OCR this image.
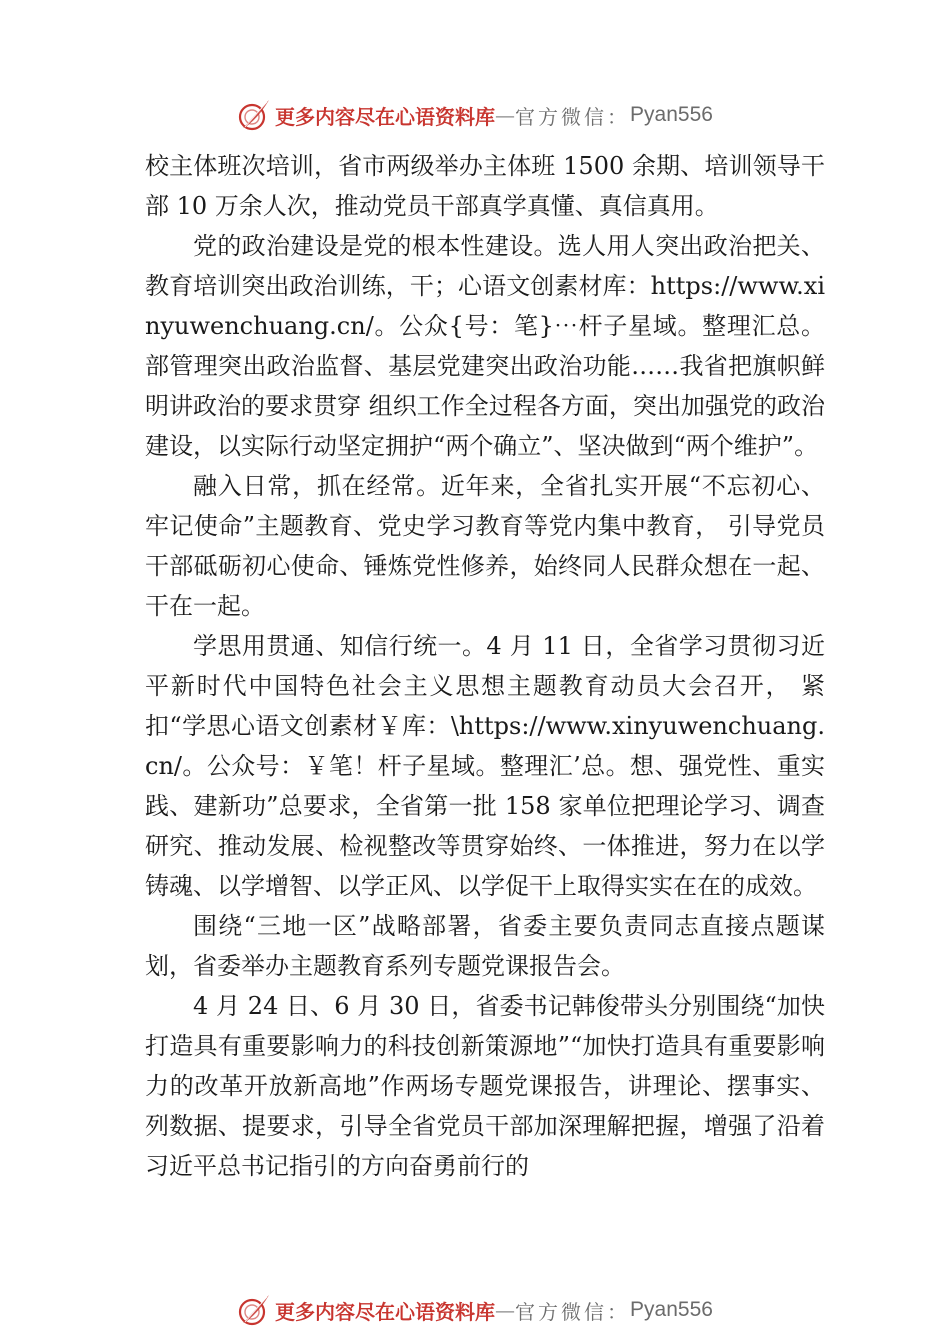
更多内容尽在心语资料库 — 官方微信： Pyan556

校主体班次培训，省市两级举办主体班 1500 余期、培训领导干部 10 万余人次，推动党员干部真学真懂、真信真用。

党的政治建设是党的根本性建设。选人用人突出政治把关、教育培训突出政治训练，干；心语文创素材库：https://www.xinyuwenchuang.cn/。公众{号：笔}⋯杆子星域。整理汇总。部管理突出政治监督、基层党建突出政治功能……我省把旗帜鲜明讲政治的要求贯穿 组织工作全过程各方面，突出加强党的政治建设，以实际行动坚定拥护“两个确立”、坚决做到“两个维护”。

融入日常，抓在经常。近年来，全省扎实开展“不忘初心、牢记使命”主题教育、党史学习教育等党内集中教育， 引导党员干部砥砺初心使命、锤炼党性修养，始终同人民群众想在一起、干在一起。

学思用贯通、知信行统一。4 月 11 日，全省学习贯彻习近平新时代中国特色社会主义思想主题教育动员大会召开， 紧扣“学思心语文创素材￥库：\https://www.xinyuwenchuang.cn/。公众号：￥笔！杆子星域。整理汇’总。想、强党性、重实践、建新功”总要求，全省第一批 158 家单位把理论学习、调查研究、推动发展、检视整改等贯穿始终、一体推进，努力在以学铸魂、以学增智、以学正风、以学促干上取得实实在在的成效。

围绕“三地一区”战略部署，省委主要负责同志直接点题谋划，省委举办主题教育系列专题党课报告会。

4 月 24 日、6 月 30 日，省委书记韩俊带头分别围绕“加快打造具有重要影响力的科技创新策源地”“加快打造具有重要影响力的改革开放新高地”作两场专题党课报告，讲理论、摆事实、列数据、提要求，引导全省党员干部加深理解把握，增强了沿着习近平总书记指引的方向奋勇前行的

更多内容尽在心语资料库 — 官方微信： Pyan556
